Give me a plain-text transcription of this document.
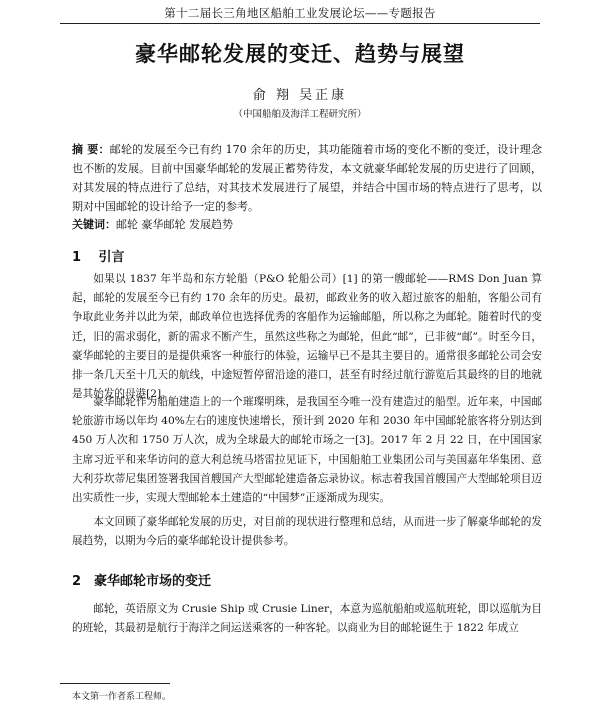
第十二届长三角地区船舶工业发展论坛——专题报告
豪华邮轮发展的变迁、趋势与展望
俞 翔 吴正康
（中国船舶及海洋工程研究所）
摘 要：邮轮的发展至今已有约 170 余年的历史，其功能随着市场的变化不断的变迁，设计理念也不断的发展。目前中国豪华邮轮的发展正蓄势待发，本文就豪华邮轮发展的历史进行了回顾，对其发展的特点进行了总结，对其技术发展进行了展望，并结合中国市场的特点进行了思考，以期对中国邮轮的设计给予一定的参考。
关键词：邮轮 豪华邮轮 发展趋势
1 引言
如果以 1837 年半岛和东方轮船（P&O 轮船公司）[1] 的第一艘邮轮——RMS Don Juan 算起，邮轮的发展至今已有约 170 余年的历史。最初，邮政业务的收入超过旅客的船舶，客船公司有争取此业务并以此为荣，邮政单位也选择优秀的客船作为运输邮船，所以称之为邮轮。随着时代的变迁，旧的需求弱化，新的需求不断产生，虽然这些称之为邮轮，但此“邮”，已非彼“邮”。时至今日，豪华邮轮的主要目的是提供乘客一种旅行的体验，运输早已不是其主要目的。通常很多邮轮公司会安排一条几天至十几天的航线，中途短暂停留沿途的港口，甚至有时经过航行游览后其最终的目的地就是其始发的母港[2]。
豪华邮轮作为船舶建造上的一个璀璨明珠，是我国至今唯一没有建造过的船型。近年来，中国邮轮旅游市场以年均 40%左右的速度快速增长，预计到 2020 年和 2030 年中国邮轮旅客将分别达到 450 万人次和 1750 万人次，成为全球最大的邮轮市场之一[3]。2017 年 2 月 22 日，在中国国家主席习近平和来华访问的意大利总统马塔雷拉见证下，中国船舶工业集团公司与美国嘉年华集团、意大利芬坎蒂尼集团签署我国首艘国产大型邮轮建造备忘录协议。标志着我国首艘国产大型邮轮项目迈出实质性一步，实现大型邮轮本土建造的“中国梦”正逐渐成为现实。
本文回顾了豪华邮轮发展的历史，对目前的现状进行整理和总结，从而进一步了解豪华邮轮的发展趋势，以期为今后的豪华邮轮设计提供参考。
本文第一作者系工程师。
2 豪华邮轮市场的变迁
邮轮，英语原文为 Crusie Ship 或 Crusie Liner，本意为巡航船舶或巡航班轮，即以巡航为目的班轮，其最初是航行于海洋之间运送乘客的一种客轮。以商业为目的邮轮诞生于 1822 年成立
